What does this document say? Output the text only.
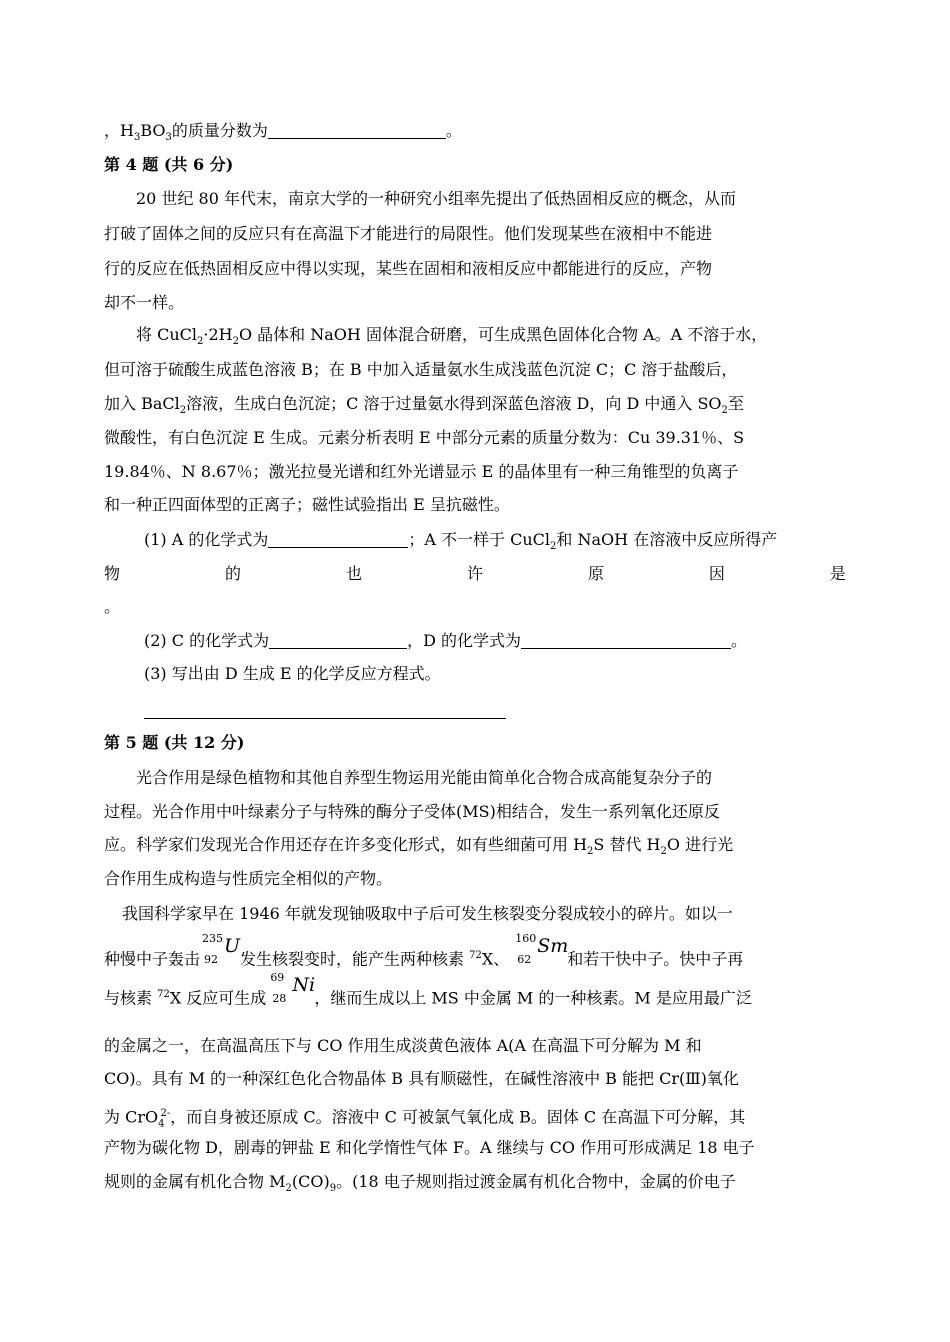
，$H_3BO_3$的质量分数为	。
第 4 题 (共 6 分)
20 世纪 80 年代末，南京大学的一种研究小组率先提出了低热固相反应的概念，从而
打破了固体之间的反应只有在高温下才能进行的局限性。他们发现某些在液相中不能进
行的反应在低热固相反应中得以实现，某些在固相和液相反应中都能进行的反应，产物
却不一样。
将 $CuCl_2\cdot 2H_2O$ 晶体和 NaOH 固体混合研磨，可生成黑色固体化合物 A。A 不溶于水，
但可溶于硫酸生成蓝色溶液 B；在 B 中加入适量氨水生成浅蓝色沉淀 C；C 溶于盐酸后，
加入 BaCl$_2$溶液，生成白色沉淀；C 溶于过量氨水得到深蓝色溶液 D，向 D 中通入 $SO_2$至
微酸性，有白色沉淀 E 生成。元素分析表明 E 中部分元素的质量分数为：Cu 39.31％、S
19.84％、N 8.67％；激光拉曼光谱和红外光谱显示 E 的晶体里有一种三角锥型的负离子
和一种正四面体型的正离子；磁性试验指出 E 呈抗磁性。
(1) A 的化学式为	；A 不一样于 CuCl$_2$和 NaOH 在溶液中反应所得产
物	的	也	许	原	因	是
。
(2) C 的化学式为	，D 的化学式为	。
(3) 写出由 D 生成 E 的化学反应方程式。
第 5 题 (共 12 分)
光合作用是绿色植物和其他自养型生物运用光能由简单化合物合成高能复杂分子的
过程。光合作用中叶绿素分子与特殊的酶分子受体(MS)相结合，发生一系列氧化还原反
应。科学家们发现光合作用还存在许多变化形式，如有些细菌可用 $H_2S$ 替代 $H_2O$ 进行光
合作用生成构造与性质完全相似的产物。
我国科学家早在 1946 年就发现铀吸取中子后可发生核裂变分裂成较小的碎片。如以一
种慢中子轰击
235
92
U
发生核裂变时，能产生两种核素 $^{72}$X、
160
62
Sm
和若干快中子。快中子再
与核素 $^{72}$X 反应可生成
69
28
Ni
，继而生成以上 MS 中金属 M 的一种核素。M 是应用最广泛
的金属之一，在高温高压下与 CO 作用生成淡黄色液体 A(A 在高温下可分解为 M 和
CO)。具有 M 的一种深红色化合物晶体 B 具有顺磁性，在碱性溶液中 B 能把 Cr(Ⅲ)氧化
为 CrO$_4^{2-}$，而自身被还原成 C。溶液中 C 可被氯气氧化成 B。固体 C 在高温下可分解，其
产物为碳化物 D，剧毒的钾盐 E 和化学惰性气体 F。A 继续与 CO 作用可形成满足 18 电子
规则的金属有机化合物 $M_2(CO)_9$。(18 电子规则指过渡金属有机化合物中，金属的价电子
